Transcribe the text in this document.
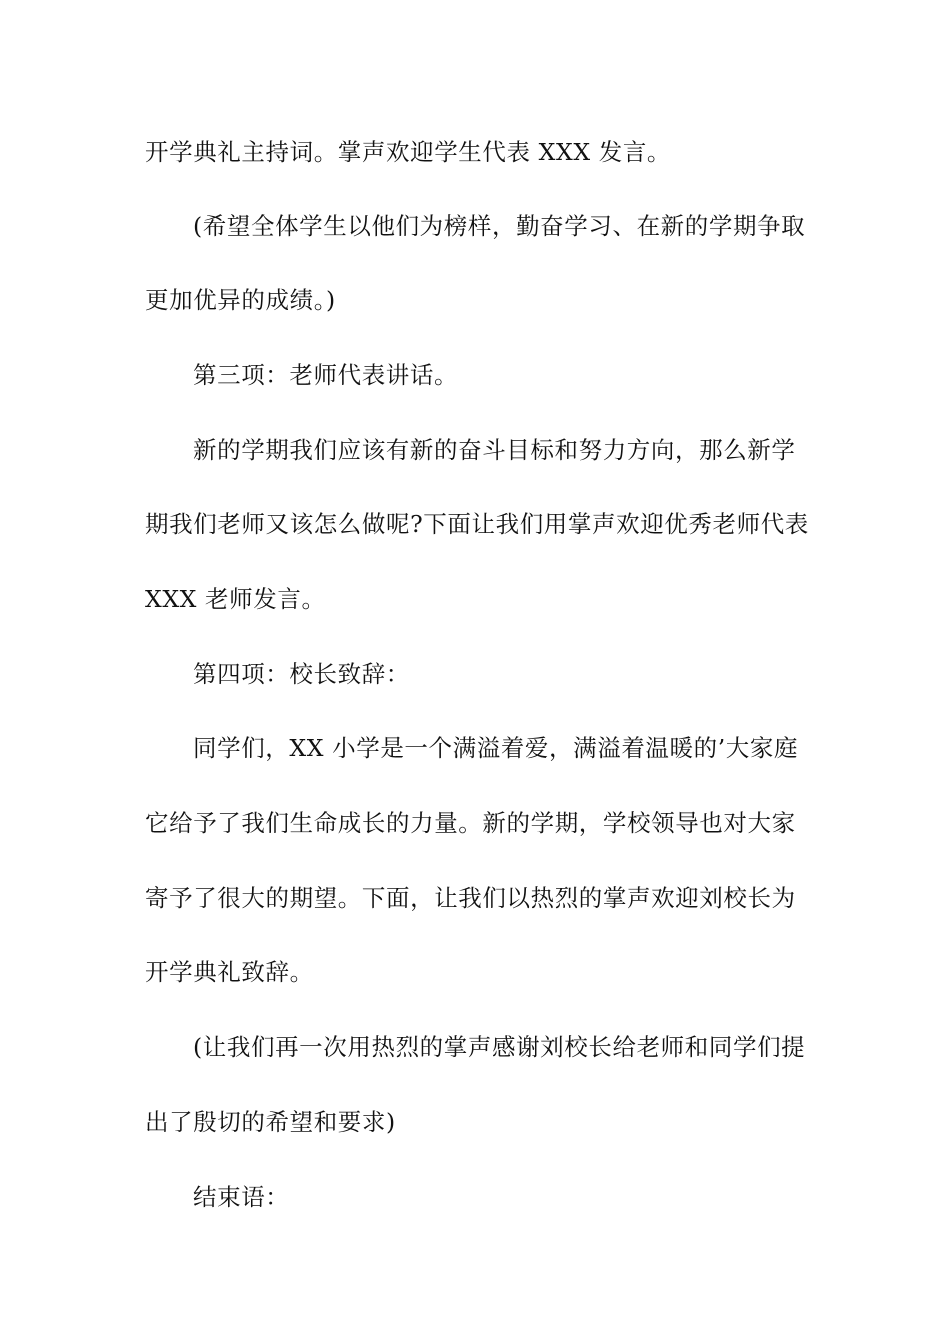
开学典礼主持词。掌声欢迎学生代表 XXX 发言。
(希望全体学生以他们为榜样，勤奋学习、在新的学期争取
更加优异的成绩。)
第三项：老师代表讲话。
新的学期我们应该有新的奋斗目标和努力方向，那么新学
期我们老师又该怎么做呢?下面让我们用掌声欢迎优秀老师代表
XXX 老师发言。
第四项：校长致辞：
同学们，XX 小学是一个满溢着爱，满溢着温暖的’大家庭
它给予了我们生命成长的力量。新的学期，学校领导也对大家
寄予了很大的期望。下面，让我们以热烈的掌声欢迎刘校长为
开学典礼致辞。
(让我们再一次用热烈的掌声感谢刘校长给老师和同学们提
出了殷切的希望和要求)
结束语：
